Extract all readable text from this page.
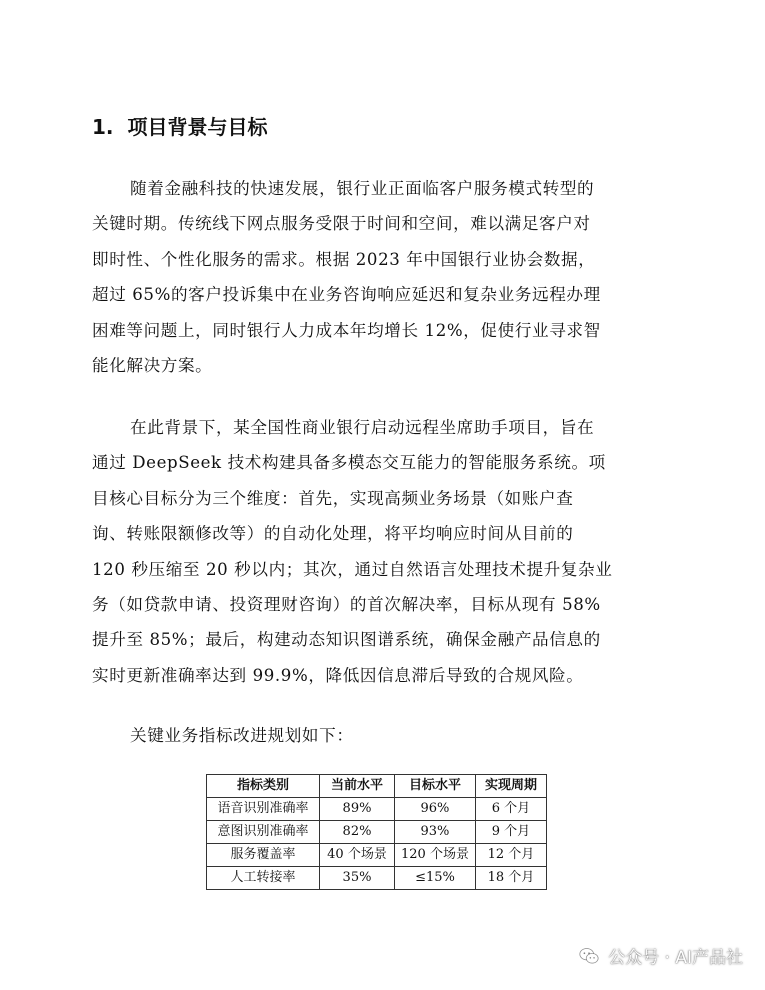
1. 项目背景与目标
随着金融科技的快速发展，银行业正面临客户服务模式转型的
关键时期。传统线下网点服务受限于时间和空间，难以满足客户对
即时性、个性化服务的需求。根据 2023 年中国银行业协会数据，
超过 65%的客户投诉集中在业务咨询响应延迟和复杂业务远程办理
困难等问题上，同时银行人力成本年均增长 12%，促使行业寻求智
能化解决方案。
在此背景下，某全国性商业银行启动远程坐席助手项目，旨在
通过 DeepSeek 技术构建具备多模态交互能力的智能服务系统。项
目核心目标分为三个维度：首先，实现高频业务场景（如账户查
询、转账限额修改等）的自动化处理，将平均响应时间从目前的
120 秒压缩至 20 秒以内；其次，通过自然语言处理技术提升复杂业
务（如贷款申请、投资理财咨询）的首次解决率，目标从现有 58%
提升至 85%；最后，构建动态知识图谱系统，确保金融产品信息的
实时更新准确率达到 99.9%，降低因信息滞后导致的合规风险。
关键业务指标改进规划如下：
指标类别	当前水平	目标水平	实现周期
语音识别准确率	89%	96%	6 个月
意图识别准确率	82%	93%	9 个月
服务覆盖率	40 个场景	120 个场景	12 个月
人工转接率	35%	≤15%	18 个月
公众号 · AI产品社
